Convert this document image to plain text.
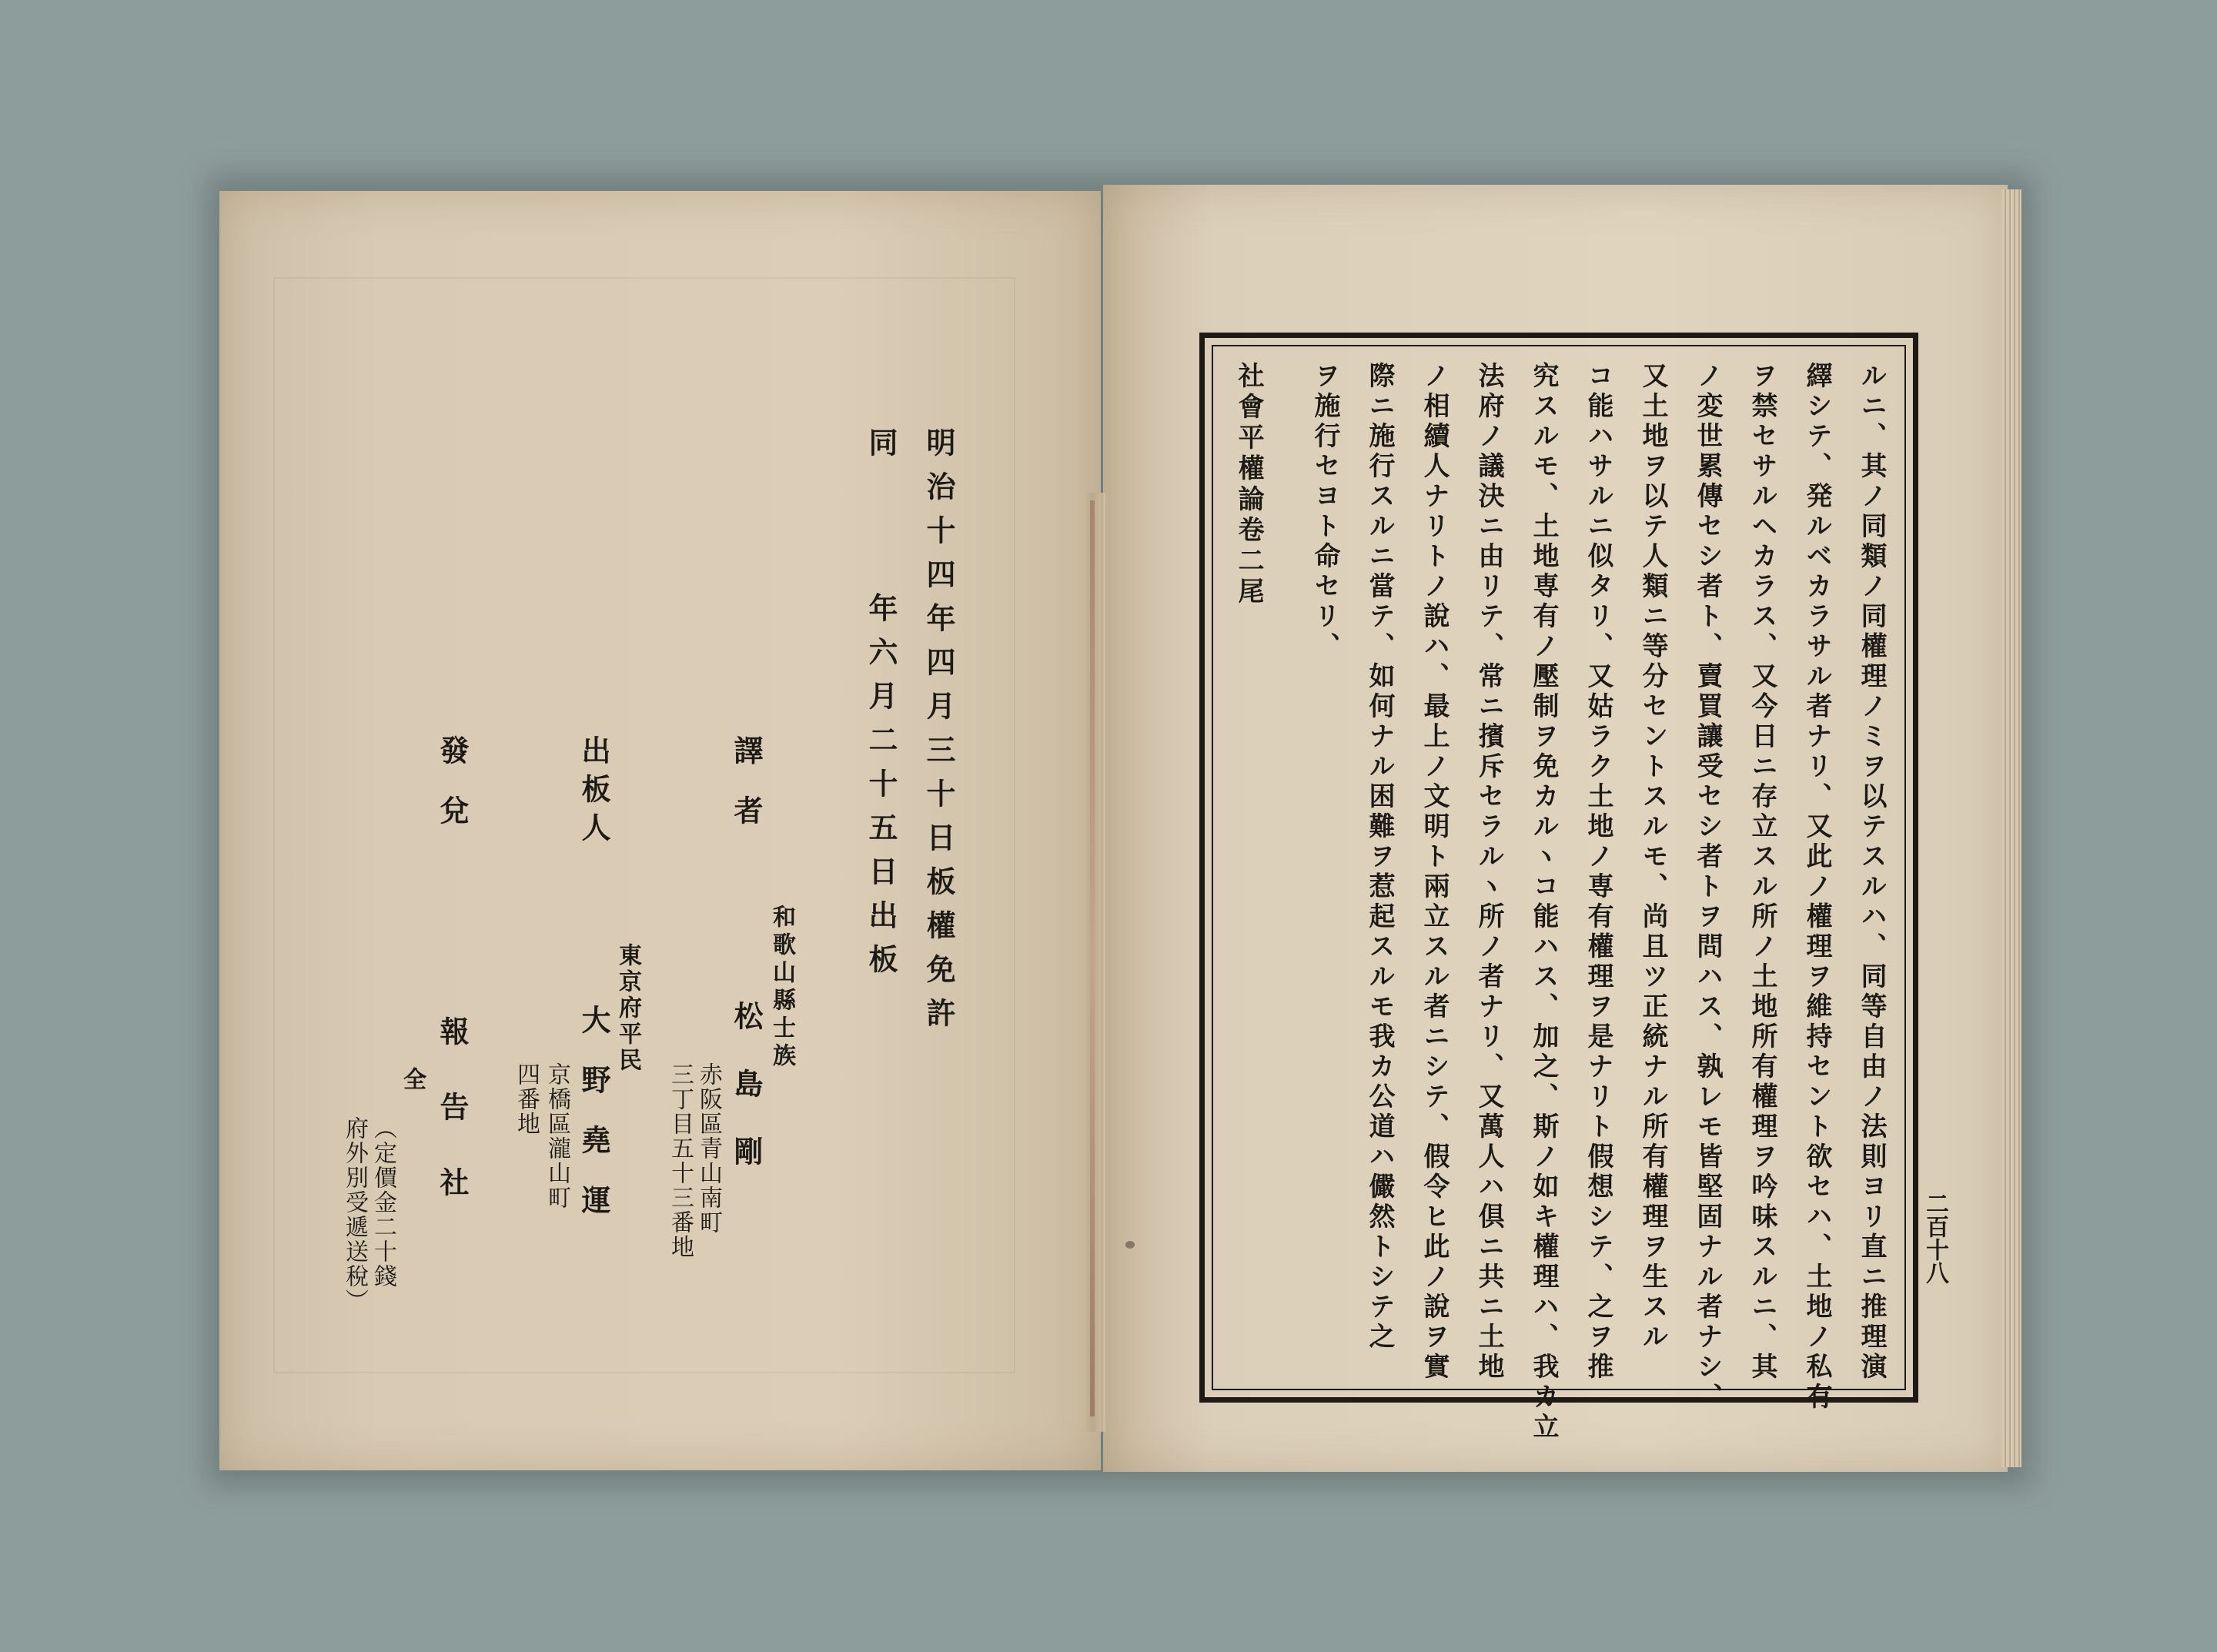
二百十八
ルニ、其ノ同類ノ同權理ノミヲ以テスルハ、同等自由ノ法則ヨリ直ニ推理演
繹シテ、発ルベカラサル者ナリ、又此ノ權理ヲ維持セント欲セハ、土地ノ私有
ヲ禁セサルヘカラス、又今日ニ存立スル所ノ土地所有權理ヲ吟味スルニ、其
ノ変世累傳セシ者ト、賣買讓受セシ者トヲ問ハス、孰レモ皆堅固ナル者ナシ、
又土地ヲ以テ人類ニ等分セントスルモ、尚且ツ正統ナル所有權理ヲ生スル
コ能ハサルニ似タリ、又姑ラク土地ノ専有權理ヲ是ナリト假想シテ、之ヲ推
究スルモ、土地専有ノ壓制ヲ免カルヽコ能ハス、加之、斯ノ如キ權理ハ、我カ立
法府ノ議決ニ由リテ、常ニ擯斥セラルヽ所ノ者ナリ、又萬人ハ倶ニ共ニ土地
ノ相續人ナリトノ說ハ、最上ノ文明ト兩立スル者ニシテ、假令ヒ此ノ說ヲ實
際ニ施行スルニ當テ、如何ナル困難ヲ惹起スルモ我カ公道ハ儼然トシテ之
ヲ施行セヨト命セリ、
社會平權論卷二尾
明治十四年四月三十日板權免許
同
年六月二十五日出板
譯者
和歌山縣士族
松島剛
赤阪區青山南町
三丁目五十三番地
出板人
東京府平民
大野堯運
京橋區瀧山町
四番地
發兌
報告社
全
（定價金二十錢
府外別受遞送稅）
